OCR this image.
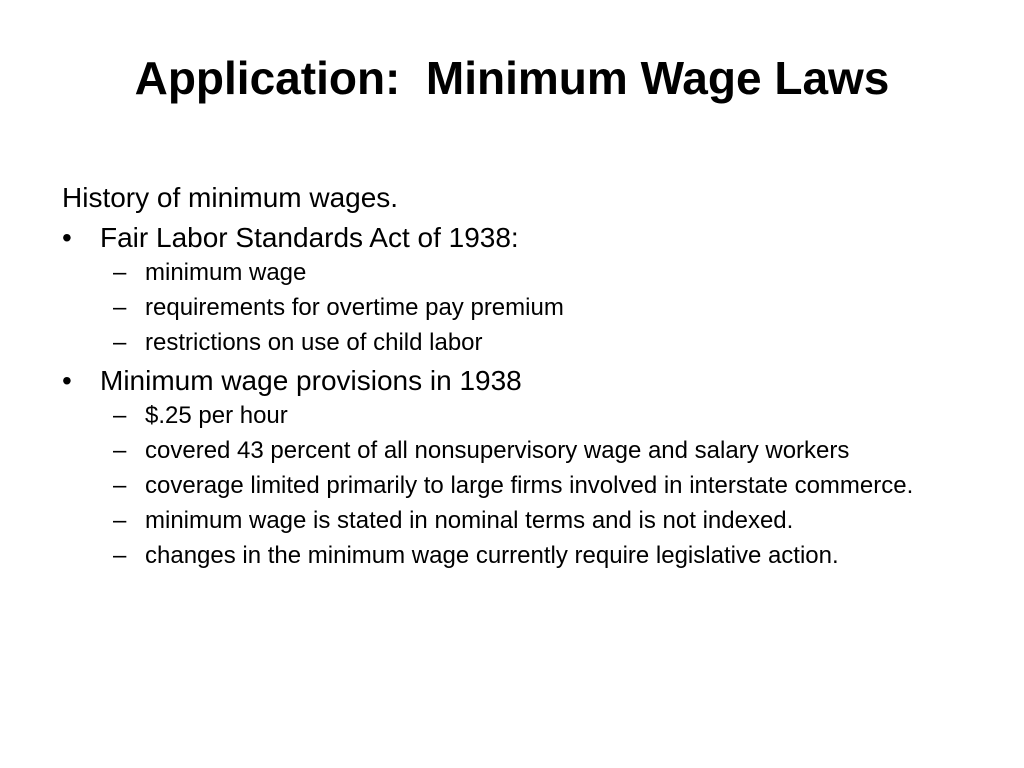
Application:  Minimum Wage Laws

History of minimum wages.

•	Fair Labor Standards Act of 1938:
– minimum wage
– requirements for overtime pay premium
– restrictions on use of child labor
•	Minimum wage provisions in 1938
– $.25 per hour
– covered 43 percent of all nonsupervisory wage and salary workers
– coverage limited primarily to large firms involved in interstate commerce.
– minimum wage is stated in nominal terms and is not indexed.
– changes in the minimum wage currently require legislative action.
